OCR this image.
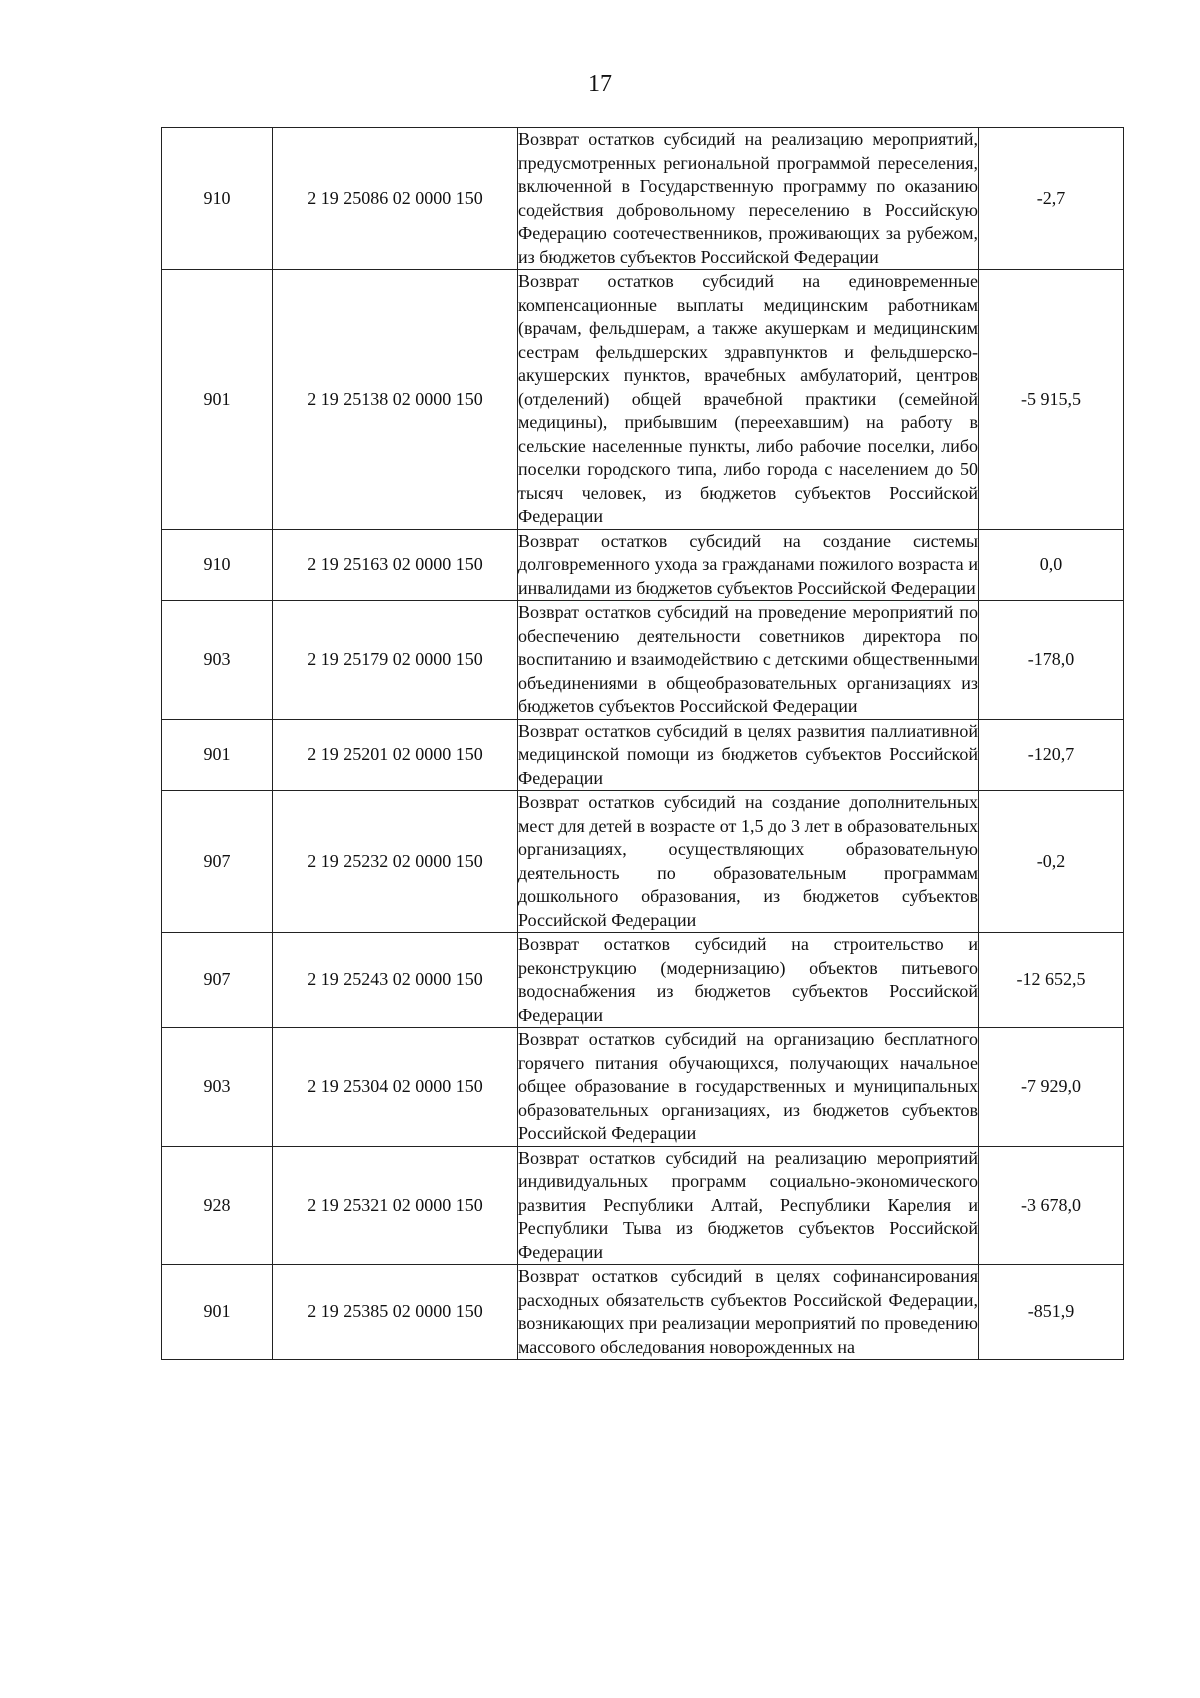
17
910	2 19 25086 02 0000 150	Возврат остатков субсидий на реализацию мероприятий, предусмотренных региональной программой переселения, включенной в Государственную программу по оказанию содействия добровольному переселению в Российскую Федерацию соотечественников, проживающих за рубежом, из бюджетов субъектов Российской Федерации	-2,7
901	2 19 25138 02 0000 150	Возврат остатков субсидий на единовременные компенсационные выплаты медицинским работникам (врачам, фельдшерам, а также акушеркам и медицинским сестрам фельдшерских здравпунктов и фельдшерско-акушерских пунктов, врачебных амбулаторий, центров (отделений) общей врачебной практики (семейной медицины), прибывшим (переехавшим) на работу в сельские населенные пункты, либо рабочие поселки, либо поселки городского типа, либо города с населением до 50 тысяч человек, из бюджетов субъектов Российской Федерации	-5 915,5
910	2 19 25163 02 0000 150	Возврат остатков субсидий на создание системы долговременного ухода за гражданами пожилого возраста и инвалидами из бюджетов субъектов Российской Федерации	0,0
903	2 19 25179 02 0000 150	Возврат остатков субсидий на проведение мероприятий по обеспечению деятельности советников директора по воспитанию и взаимодействию с детскими общественными объединениями в общеобразовательных организациях из бюджетов субъектов Российской Федерации	-178,0
901	2 19 25201 02 0000 150	Возврат остатков субсидий в целях развития паллиативной медицинской помощи из бюджетов субъектов Российской Федерации	-120,7
907	2 19 25232 02 0000 150	Возврат остатков субсидий на создание дополнительных мест для детей в возрасте от 1,5 до 3 лет в образовательных организациях, осуществляющих образовательную деятельность по образовательным программам дошкольного образования, из бюджетов субъектов Российской Федерации	-0,2
907	2 19 25243 02 0000 150	Возврат остатков субсидий на строительство и реконструкцию (модернизацию) объектов питьевого водоснабжения из бюджетов субъектов Российской Федерации	-12 652,5
903	2 19 25304 02 0000 150	Возврат остатков субсидий на организацию бесплатного горячего питания обучающихся, получающих начальное общее образование в государственных и муниципальных образовательных организациях, из бюджетов субъектов Российской Федерации	-7 929,0
928	2 19 25321 02 0000 150	Возврат остатков субсидий на реализацию мероприятий индивидуальных программ социально-экономического развития Республики Алтай, Республики Карелия и Республики Тыва из бюджетов субъектов Российской Федерации	-3 678,0
901	2 19 25385 02 0000 150	Возврат остатков субсидий в целях софинансирования расходных обязательств субъектов Российской Федерации, возникающих при реализации мероприятий по проведению массового обследования новорожденных на	-851,9
